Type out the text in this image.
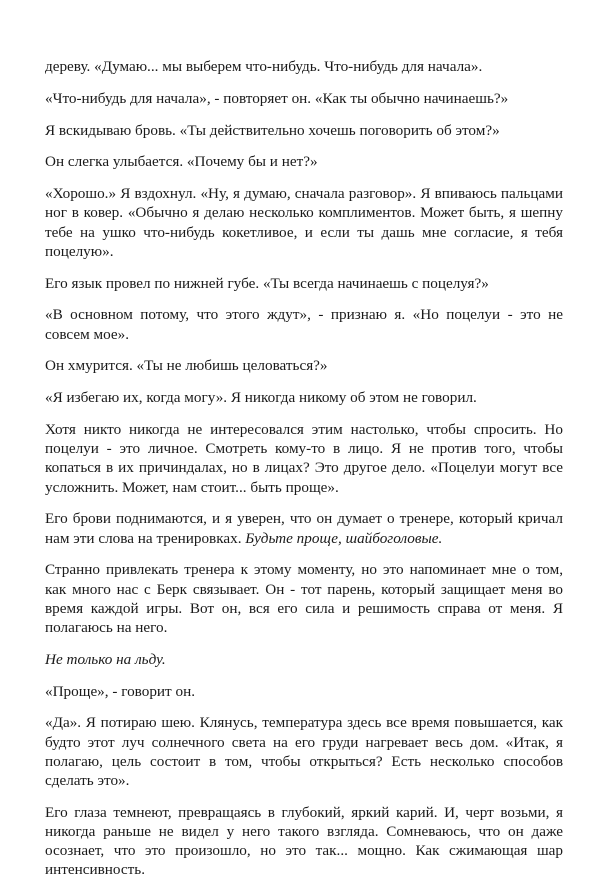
дереву. «Думаю... мы выберем что-нибудь. Что-нибудь для начала».

«Что-нибудь для начала», - повторяет он. «Как ты обычно начинаешь?»

Я вскидываю бровь. «Ты действительно хочешь поговорить об этом?»

Он слегка улыбается. «Почему бы и нет?»

«Хорошо.» Я вздохнул. «Ну, я думаю, сначала разговор». Я впиваюсь пальцами ног в ковер. «Обычно я делаю несколько комплиментов. Может быть, я шепну тебе на ушко что-нибудь кокетливое, и если ты дашь мне согласие, я тебя поцелую».

Его язык провел по нижней губе. «Ты всегда начинаешь с поцелуя?»

«В основном потому, что этого ждут», - признаю я. «Но поцелуи - это не совсем мое».

Он хмурится. «Ты не любишь целоваться?»

«Я избегаю их, когда могу». Я никогда никому об этом не говорил.

Хотя никто никогда не интересовался этим настолько, чтобы спросить. Но поцелуи - это личное. Смотреть кому-то в лицо. Я не против того, чтобы копаться в их причиндалах, но в лицах? Это другое дело. «Поцелуи могут все усложнить. Может, нам стоит... быть проще».

Его брови поднимаются, и я уверен, что он думает о тренере, который кричал нам эти слова на тренировках. Будьте проще, шайбоголовые.

Странно привлекать тренера к этому моменту, но это напоминает мне о том, как много нас с Берк связывает. Он - тот парень, который защищает меня во время каждой игры. Вот он, вся его сила и решимость справа от меня. Я полагаюсь на него.

Не только на льду.

«Проще», - говорит он.

«Да». Я потираю шею. Клянусь, температура здесь все время повышается, как будто этот луч солнечного света на его груди нагревает весь дом. «Итак, я полагаю, цель состоит в том, чтобы открыться? Есть несколько способов сделать это».

Его глаза темнеют, превращаясь в глубокий, яркий карий. И, черт возьми, я никогда раньше не видел у него такого взгляда. Сомневаюсь, что он даже осознает, что это произошло, но это так... мощно. Как сжимающая шар интенсивность.
